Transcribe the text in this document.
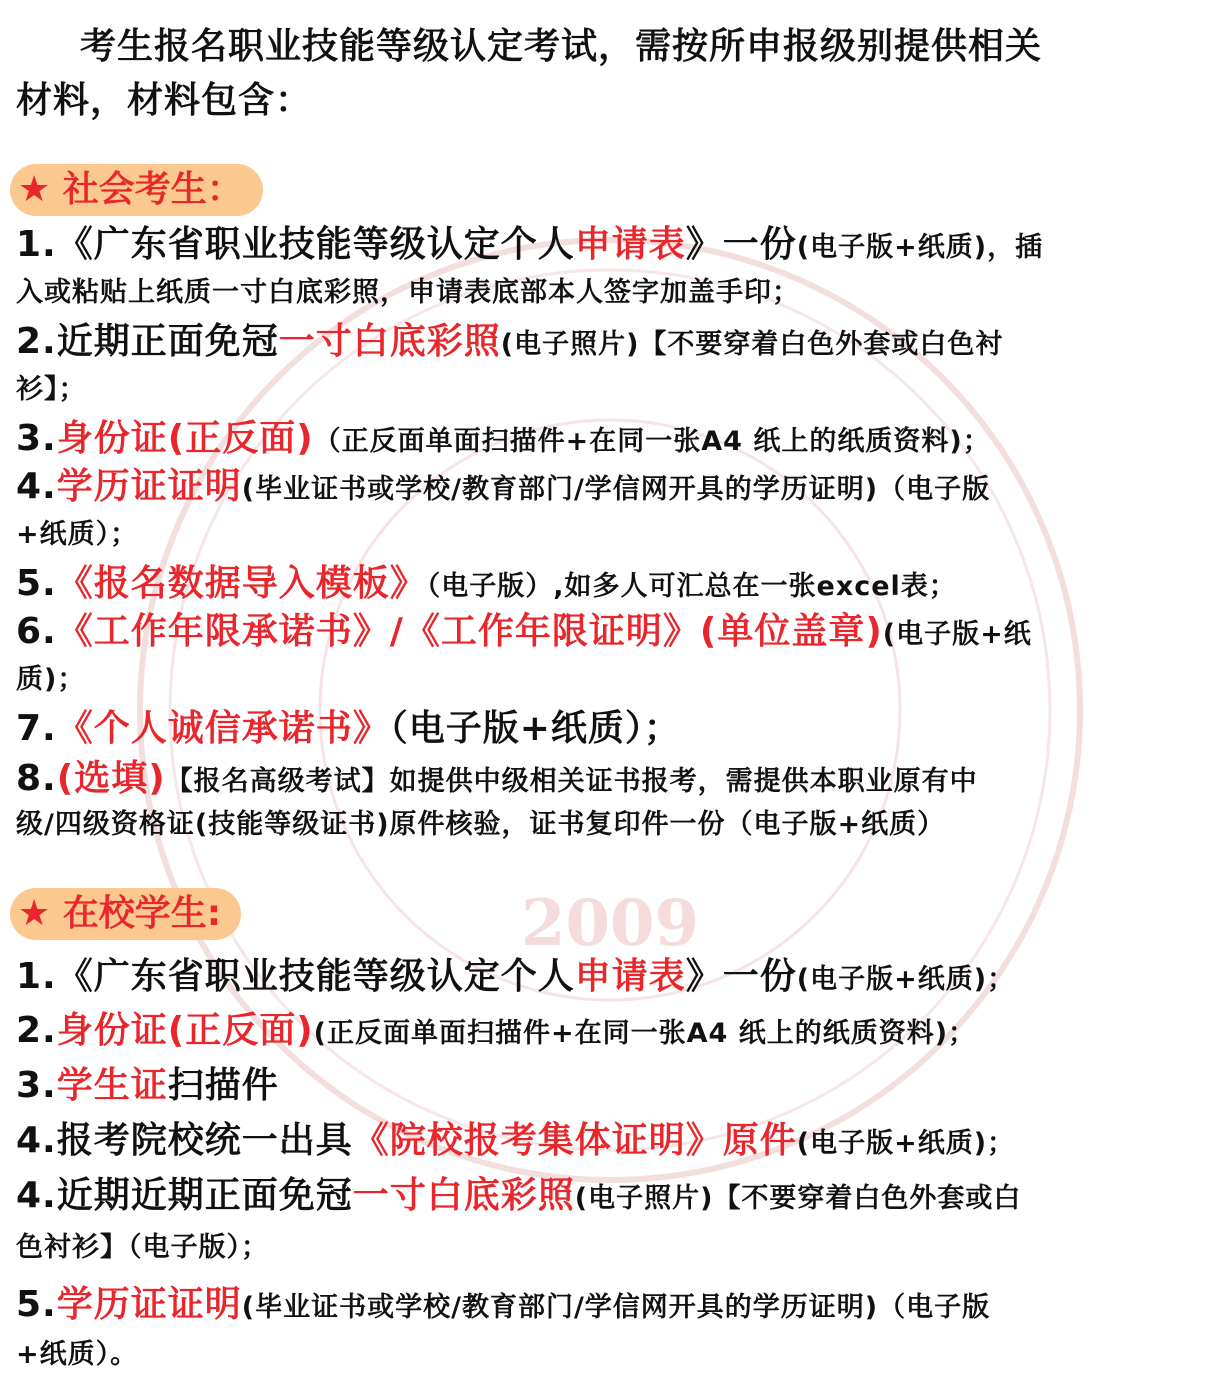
2009
考生报名职业技能等级认定考试，需按所申报级别提供相关
材料，材料包含：
★ 社会考生：
1.《广东省职业技能等级认定个人申请表》一份(电子版+纸质)，插
入或粘贴上纸质一寸白底彩照，申请表底部本人签字加盖手印；
2.近期正面免冠一寸白底彩照(电子照片)【不要穿着白色外套或白色衬
衫】；
3.身份证(正反面)（正反面单面扫描件+在同一张A4 纸上的纸质资料)；
4.学历证证明(毕业证书或学校/教育部门/学信网开具的学历证明)（电子版
+纸质）；
5.《报名数据导入模板》（电子版）,如多人可汇总在一张excel表；
6.《工作年限承诺书》/《工作年限证明》(单位盖章)(电子版+纸
质)；
7.《个人诚信承诺书》（电子版+纸质）；
8.(选填)【报名高级考试】如提供中级相关证书报考，需提供本职业原有中
级/四级资格证(技能等级证书)原件核验，证书复印件一份（电子版+纸质）
★ 在校学生:
1.《广东省职业技能等级认定个人申请表》一份(电子版+纸质)；
2.身份证(正反面)(正反面单面扫描件+在同一张A4 纸上的纸质资料)；
3.学生证扫描件
4.报考院校统一出具《院校报考集体证明》原件(电子版+纸质)；
4.近期近期正面免冠一寸白底彩照(电子照片)【不要穿着白色外套或白
色衬衫】（电子版）；
5.学历证证明(毕业证书或学校/教育部门/学信网开具的学历证明)（电子版
+纸质）。
